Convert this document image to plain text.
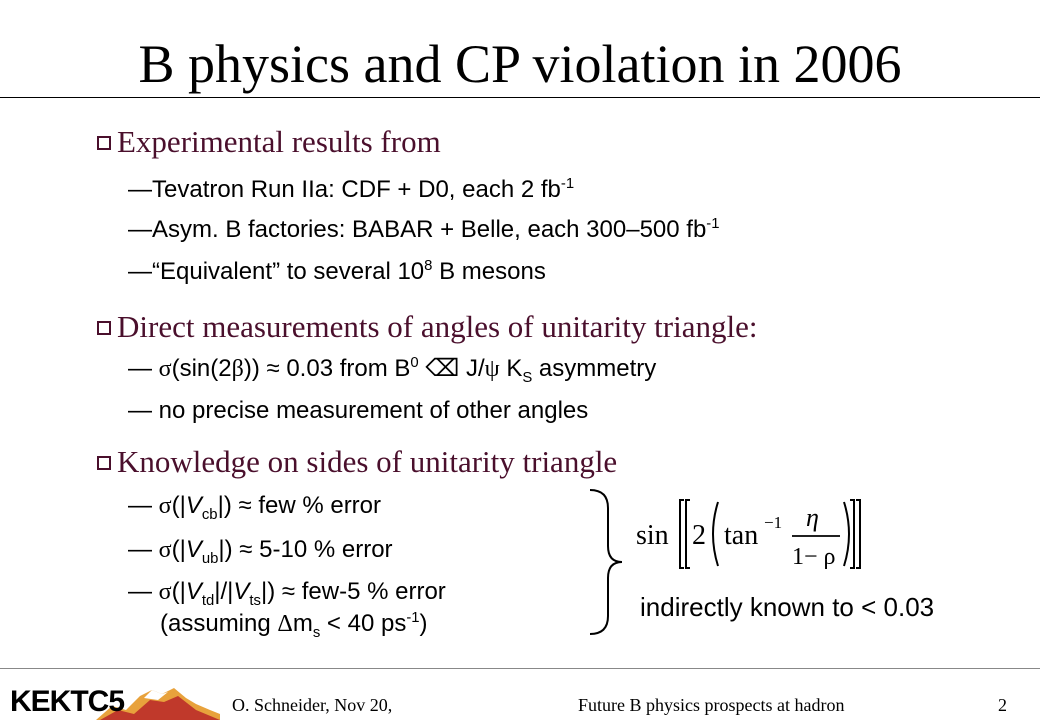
B physics and CP violation in 2006
Experimental results from
—Tevatron Run IIa: CDF + D0, each 2 $fb^{-1}$
—Asym. B factories: BABAR + Belle, each 300–500 $fb^{-1}$
—“Equivalent” to several $10^8$ B mesons
Direct measurements of angles of unitarity triangle:
— σ(sin(2β)) ≈ 0.03 from $B^0$ ⌫ J/ψ $K_S$ asymmetry
— no precise measurement of other angles
Knowledge on sides of unitarity triangle
— $\sigma(|V_{cb}|)$ ≈ few % error
— $\sigma(|V_{ub}|) \approx 5-10$ % error
— $\sigma(|V_{td}|/|V_{ts}|) \approx few-5$ % error
(assuming $\Delta m_s < 40$ $ps^{-1}$)
sin 2 tan −1 η
1− ρ
indirectly known to < 0.03
KEKTC5	O. Schneider, Nov 20,	Future B physics prospects at hadron	2
